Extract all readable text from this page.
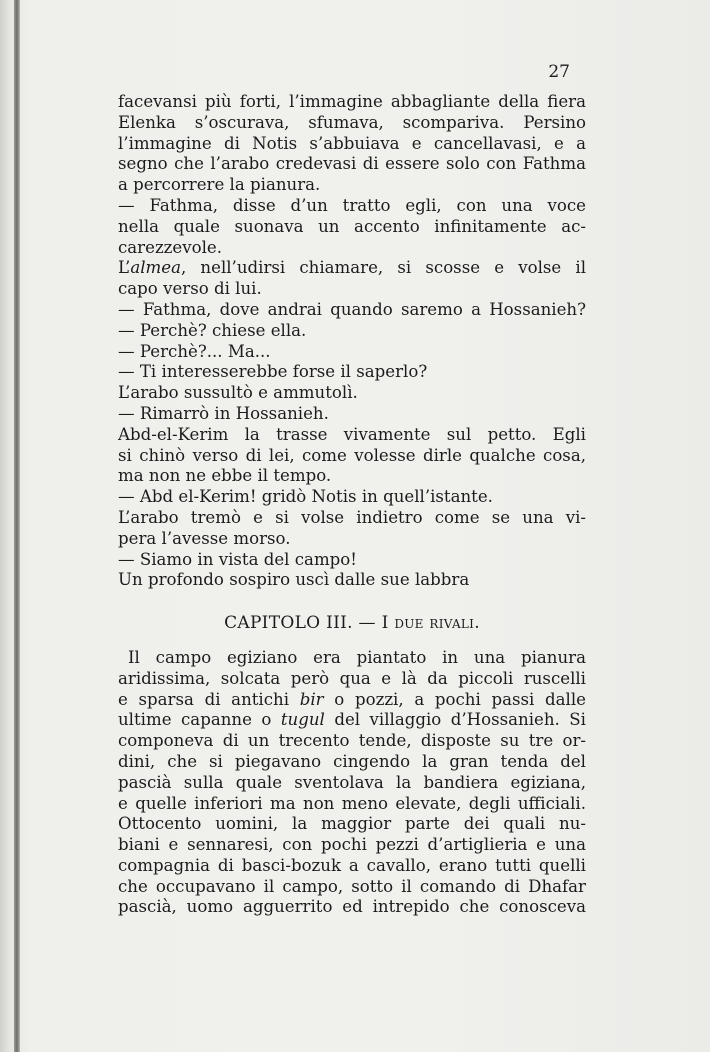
27
facevansi più forti, l’immagine abbagliante della fiera
Elenka s’oscurava, sfumava, scompariva. Persino
l’immagine di Notis s’abbuiava e cancellavasi, e a
segno che l’arabo credevasi di essere solo con Fathma
a percorrere la pianura.
— Fathma, disse d’un tratto egli, con una voce
nella quale suonava un accento infinitamente ac-
carezzevole.
L’almea, nell’udirsi chiamare, si scosse e volse il
capo verso di lui.
— Fathma, dove andrai quando saremo a Hossanieh?
— Perchè? chiese ella.
— Perchè?... Ma...
— Ti interesserebbe forse il saperlo?
L’arabo sussultò e ammutolì.
— Rimarrò in Hossanieh.
Abd-el-Kerim la trasse vivamente sul petto. Egli
si chinò verso di lei, come volesse dirle qualche cosa,
ma non ne ebbe il tempo.
— Abd el-Kerim! gridò Notis in quell’istante.
L’arabo tremò e si volse indietro come se una vi-
pera l’avesse morso.
— Siamo in vista del campo!
Un profondo sospiro uscì dalle sue labbra
CAPITOLO III. — I due rivali.
Il campo egiziano era piantato in una pianura
aridissima, solcata però qua e là da piccoli ruscelli
e sparsa di antichi bir o pozzi, a pochi passi dalle
ultime capanne o tugul del villaggio d’Hossanieh. Si
componeva di un trecento tende, disposte su tre or-
dini, che si piegavano cingendo la gran tenda del
pascià sulla quale sventolava la bandiera egiziana,
e quelle inferiori ma non meno elevate, degli ufficiali.
Ottocento uomini, la maggior parte dei quali nu-
biani e sennaresi, con pochi pezzi d’artiglieria e una
compagnia di basci-bozuk a cavallo, erano tutti quelli
che occupavano il campo, sotto il comando di Dhafar
pascià, uomo agguerrito ed intrepido che conosceva
